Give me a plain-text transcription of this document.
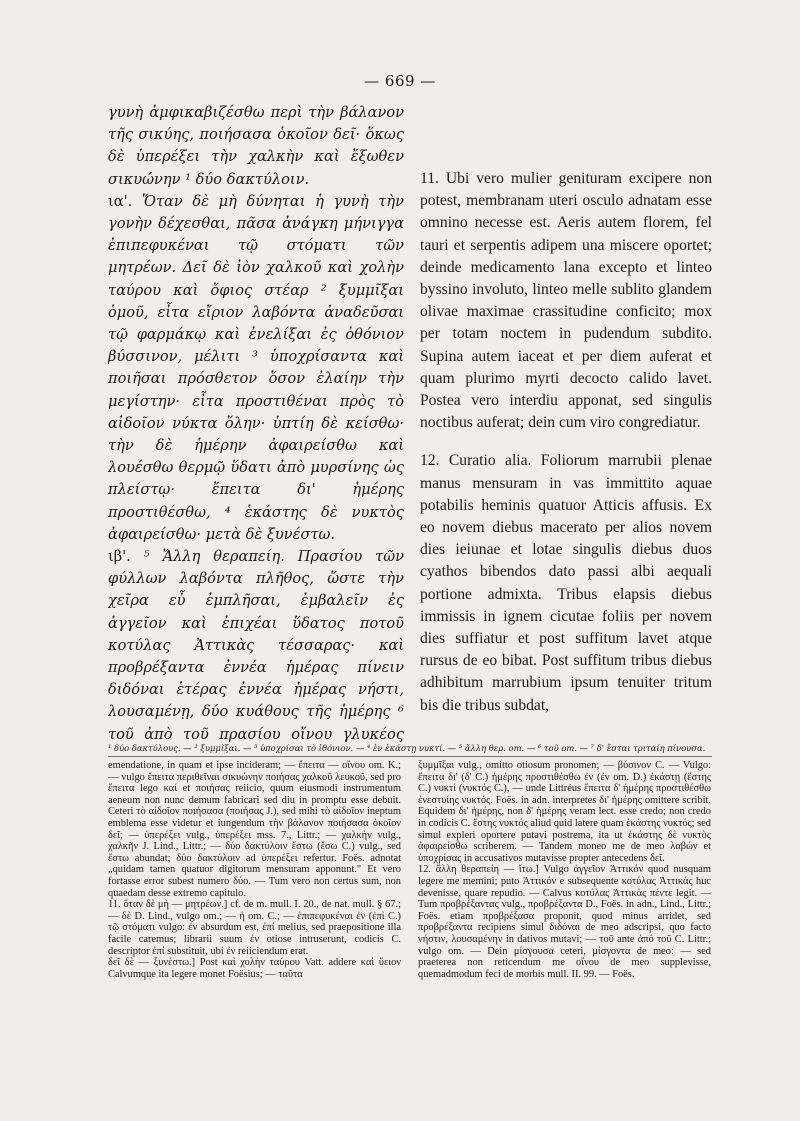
— 669 —

γυνὴ ἀμφικαβιζέσθω περὶ τὴν βάλανον τῆς σικύης, ποιήσασα ὁκοῖον δεῖ· ὅκως δὲ ὑπερέξει τὴν χαλκὴν καὶ ἔξωθεν σικυώνην ¹ δύο δακτύλοιν.

ια'. Ὅταν δὲ μὴ δύνηται ἡ γυνὴ τὴν γονὴν δέχεσθαι, πᾶσα ἀνάγκη μήνιγγα ἐπιπεφυκέναι τῷ στόματι τῶν μητρέων. Δεῖ δὲ ἰὸν χαλκοῦ καὶ χολὴν ταύρου καὶ ὄφιος στέαρ ² ξυμμῖξαι ὁμοῦ, εἶτα εἴριον λαβόντα ἀναδεῦσαι τῷ φαρμάκῳ καὶ ἐνελίξαι ἐς ὀθόνιον βύσσινον, μέλιτι ³ ὑποχρίσαντα καὶ ποιῆσαι πρόσθετον ὅσον ἐλαίην τὴν μεγίστην· εἶτα προστιθέναι πρὸς τὸ αἰδοῖον νύκτα ὅλην· ὑπτίη δὲ κείσθω· τὴν δὲ ἡμέρην ἀφαιρείσθω καὶ λουέσθω θερμῷ ὕδατι ἀπὸ μυρσίνης ὡς πλείστῳ· ἔπειτα δι' ἡμέρης προστιθέσθω, ⁴ ἑκάστης δὲ νυκτὸς ἀφαιρείσθω· μετὰ δὲ ξυνέστω.

ιβ'. ⁵ Ἄλλη θεραπείη. Πρασίου τῶν φύλλων λαβόντα πλῆθος, ὥστε τὴν χεῖρα εὖ ἐμπλῆσαι, ἐμβαλεῖν ἐς ἀγγεῖον καὶ ἐπιχέαι ὕδατος ποτοῦ κοτύλας Ἀττικὰς τέσσαρας· καὶ προβρέξαντα ἐννέα ἡμέρας πίνειν διδόναι ἑτέρας ἐννέα ἡμέρας νήστι, λουσαμένῃ, δύο κυάθους τῆς ἡμέρης ⁶ τοῦ ἀπὸ τοῦ πρασίου οἴνου γλυκέος

11. Ubi vero mulier genituram excipere non potest, membranam uteri osculo adnatam esse omnino necesse est. Aeris autem florem, fel tauri et serpentis adipem una miscere oportet; deinde medicamento lana excepto et linteo byssino involuto, linteo melle sublito glandem olivae maximae crassitudine conficito; mox per totam noctem in pudendum subdito. Supina autem iaceat et per diem auferat et quam plurimo myrti decocto calido lavet. Postea vero interdiu apponat, sed singulis noctibus auferat; dein cum viro congrediatur.

12. Curatio alia. Foliorum marrubii plenae manus mensuram in vas immittito aquae potabilis heminis quatuor Atticis affusis. Ex eo novem diebus macerato per alios novem dies ieiunae et lotae singulis diebus duos cyathos bibendos dato passi albi aequali portione admixta. Tribus elapsis diebus immissis in ignem cicutae foliis per novem dies suffiatur et post suffitum lavet atque rursus de eo bibat. Post suffitum tribus diebus adhibitum marrubium ipsum tenuiter tritum bis die tribus subdat,

¹ δύο δακτύλους. — ² ξυμμῖξαι. — ³ ὑποχρίσαι τὸ ἰθόνιον. — ⁴ ἐν ἑκάστῃ νυκτί. — ⁵ ἄλλη θερ. om. — ⁶ τοῦ om. — ⁷ δ' ἔσται τριταίη πίνουσα.

emendatione, in quam et ipse incideram; — ἔπειτα — οἴνου om. K.; — vulgo ἔπειτα περιθεῖναι σικυώνην ποιήσας χαλκοῦ λευκοῦ, sed pro ἔπειτα lego καί et ποιήσας reiicio, quum eiusmodi instrumentum aeneum non nunc demum fabricari sed diu in promptu esse debuit. Ceteri τὸ αἰδοῖον ποιήσασα (ποιήσας J.), sed mihi τὸ αἰδοῖον ineptum emblema esse videtur et iungendum τὴν βάλανον ποιήσασα ὁκοῖον δεῖ; — ὑπερέξει vulg., ὑπερέξει mss. 7., Littr.; — χαλκὴν vulg., χαλκῆν J. Lind., Littr.; — δύο δακτύλοιν ἔστω (ἔσω C.) vulg., sed ἔστω abundat; δύο δακτύλοιν ad ὑπερέξει refertur. Foës. adnotat „quidam tamen quatuor digitorum mensuram apponunt." Et vero fortasse error subest numero δύο. — Tum vero non certus sum, non quaedam desse extremo capitulo.

11. ὅταν δὲ μὴ — μητρέων.] cf. de m. mull. I. 20., de nat. mull. § 67.; — δὲ D. Lind., vulgo om.; — ἡ om. C.; — ἐπιπεφυκέναι ἐν (ἐπὶ C.) τῷ στόματι vulgo: ἐν absurdum est, ἐπί melius, sed praepositione illa facile caremus; librarii suum ἐν otiose intruserunt, codicis C. descriptor ἐπί substituit, ubi ἐν reiiciendum erat.

δεῖ δὲ — ξυνέστω.] Post καὶ χολὴν ταύρου Vatt. addere καὶ ὕειον Calvumque ita legere monet Foësius; — ταῦτα

ξυμμῖξαι vulg., omitto otiosum pronomen; — βύσινον C. — Vulgo: ἔπειτα δι' (δ' C.) ἡμέρης προστιθέσθω ἐν (ἐν om. D.) ἑκάστῃ (ἕστης C.) νυκτί (νυκτός C.), — unde Littréus ἔπειτα δ' ἡμέρης προστιθέσθω ἐνεστυίης νυκτός. Foës. in adn. interpretes δι' ἡμέρης omittere scribit. Equidem δι' ἡμέρης, non δ' ἡμέρης veram lect. esse credo; non credo in codicis C. ἕστης νυκτός aliud quid latere quam ἑκάστης νυκτός; sed simul expleri oportere putavi postrema, ita ut ἑκάστης δὲ νυκτὸς ἀφαιρείσθω scriberem. — Tandem moneo me de meo λαβών et ὑποχρίσας in accusativos mutavisse propter antecedens δεῖ.

12. ἄλλη θεραπείη — ἴτω.] Vulgo ἀγγεῖον Ἀττικόν quod nusquam legere me memini; puto Ἀττικόν e subsequente κοτύλας Ἀττικάς huc devenisse, quare repudio. — Calvus κοτύλας Ἀττικὰς πέντε legit. — Tum προβρέξαντας vulg., προβρέξαντα D., Foës. in adn., Lind., Littr.; Foës. etiam προβρέξασα proponit, quod minus arridet, sed προβρέξαντα recipiens simul διδόναι de meo adscripsi, quo facto νήστιν, λουσαμένην in dativos mutavi; — τοῦ ante ἀπό τοῦ C. Littr.; vulgo om. — Dein μίσγουσα ceteri, μίσγοντα de meo: — sed praeterea non reticendum me οἴνου de meo supplevisse, quemadmodum feci de morbis mull. II. 99. — Foës.
